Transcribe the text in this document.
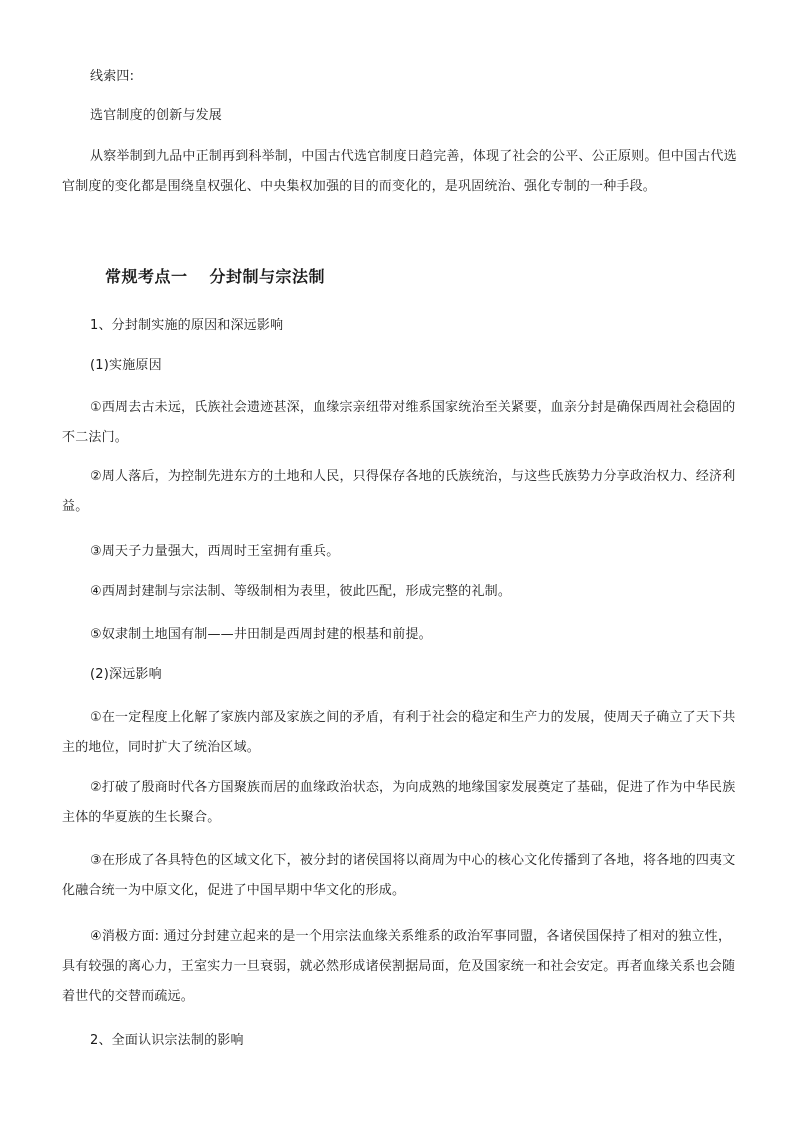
线索四:

选官制度的创新与发展

从察举制到九品中正制再到科举制，中国古代选官制度日趋完善，体现了社会的公平、公正原则。但中国古代选官制度的变化都是围绕皇权强化、中央集权加强的目的而变化的，是巩固统治、强化专制的一种手段。

常规考点一 分封制与宗法制

1、分封制实施的原因和深远影响

(1)实施原因

①西周去古未远，氏族社会遗迹甚深，血缘宗亲纽带对维系国家统治至关紧要，血亲分封是确保西周社会稳固的不二法门。

②周人落后，为控制先进东方的土地和人民，只得保存各地的氏族统治，与这些氏族势力分享政治权力、经济利益。

③周天子力量强大，西周时王室拥有重兵。

④西周封建制与宗法制、等级制相为表里，彼此匹配，形成完整的礼制。

⑤奴隶制土地国有制——井田制是西周封建的根基和前提。

(2)深远影响

①在一定程度上化解了家族内部及家族之间的矛盾，有利于社会的稳定和生产力的发展，使周天子确立了天下共主的地位，同时扩大了统治区域。

②打破了殷商时代各方国聚族而居的血缘政治状态，为向成熟的地缘国家发展奠定了基础，促进了作为中华民族主体的华夏族的生长聚合。

③在形成了各具特色的区域文化下，被分封的诸侯国将以商周为中心的核心文化传播到了各地，将各地的四夷文化融合统一为中原文化，促进了中国早期中华文化的形成。

④消极方面: 通过分封建立起来的是一个用宗法血缘关系维系的政治军事同盟，各诸侯国保持了相对的独立性，具有较强的离心力，王室实力一旦衰弱，就必然形成诸侯割据局面，危及国家统一和社会安定。再者血缘关系也会随着世代的交替而疏远。

2、全面认识宗法制的影响
